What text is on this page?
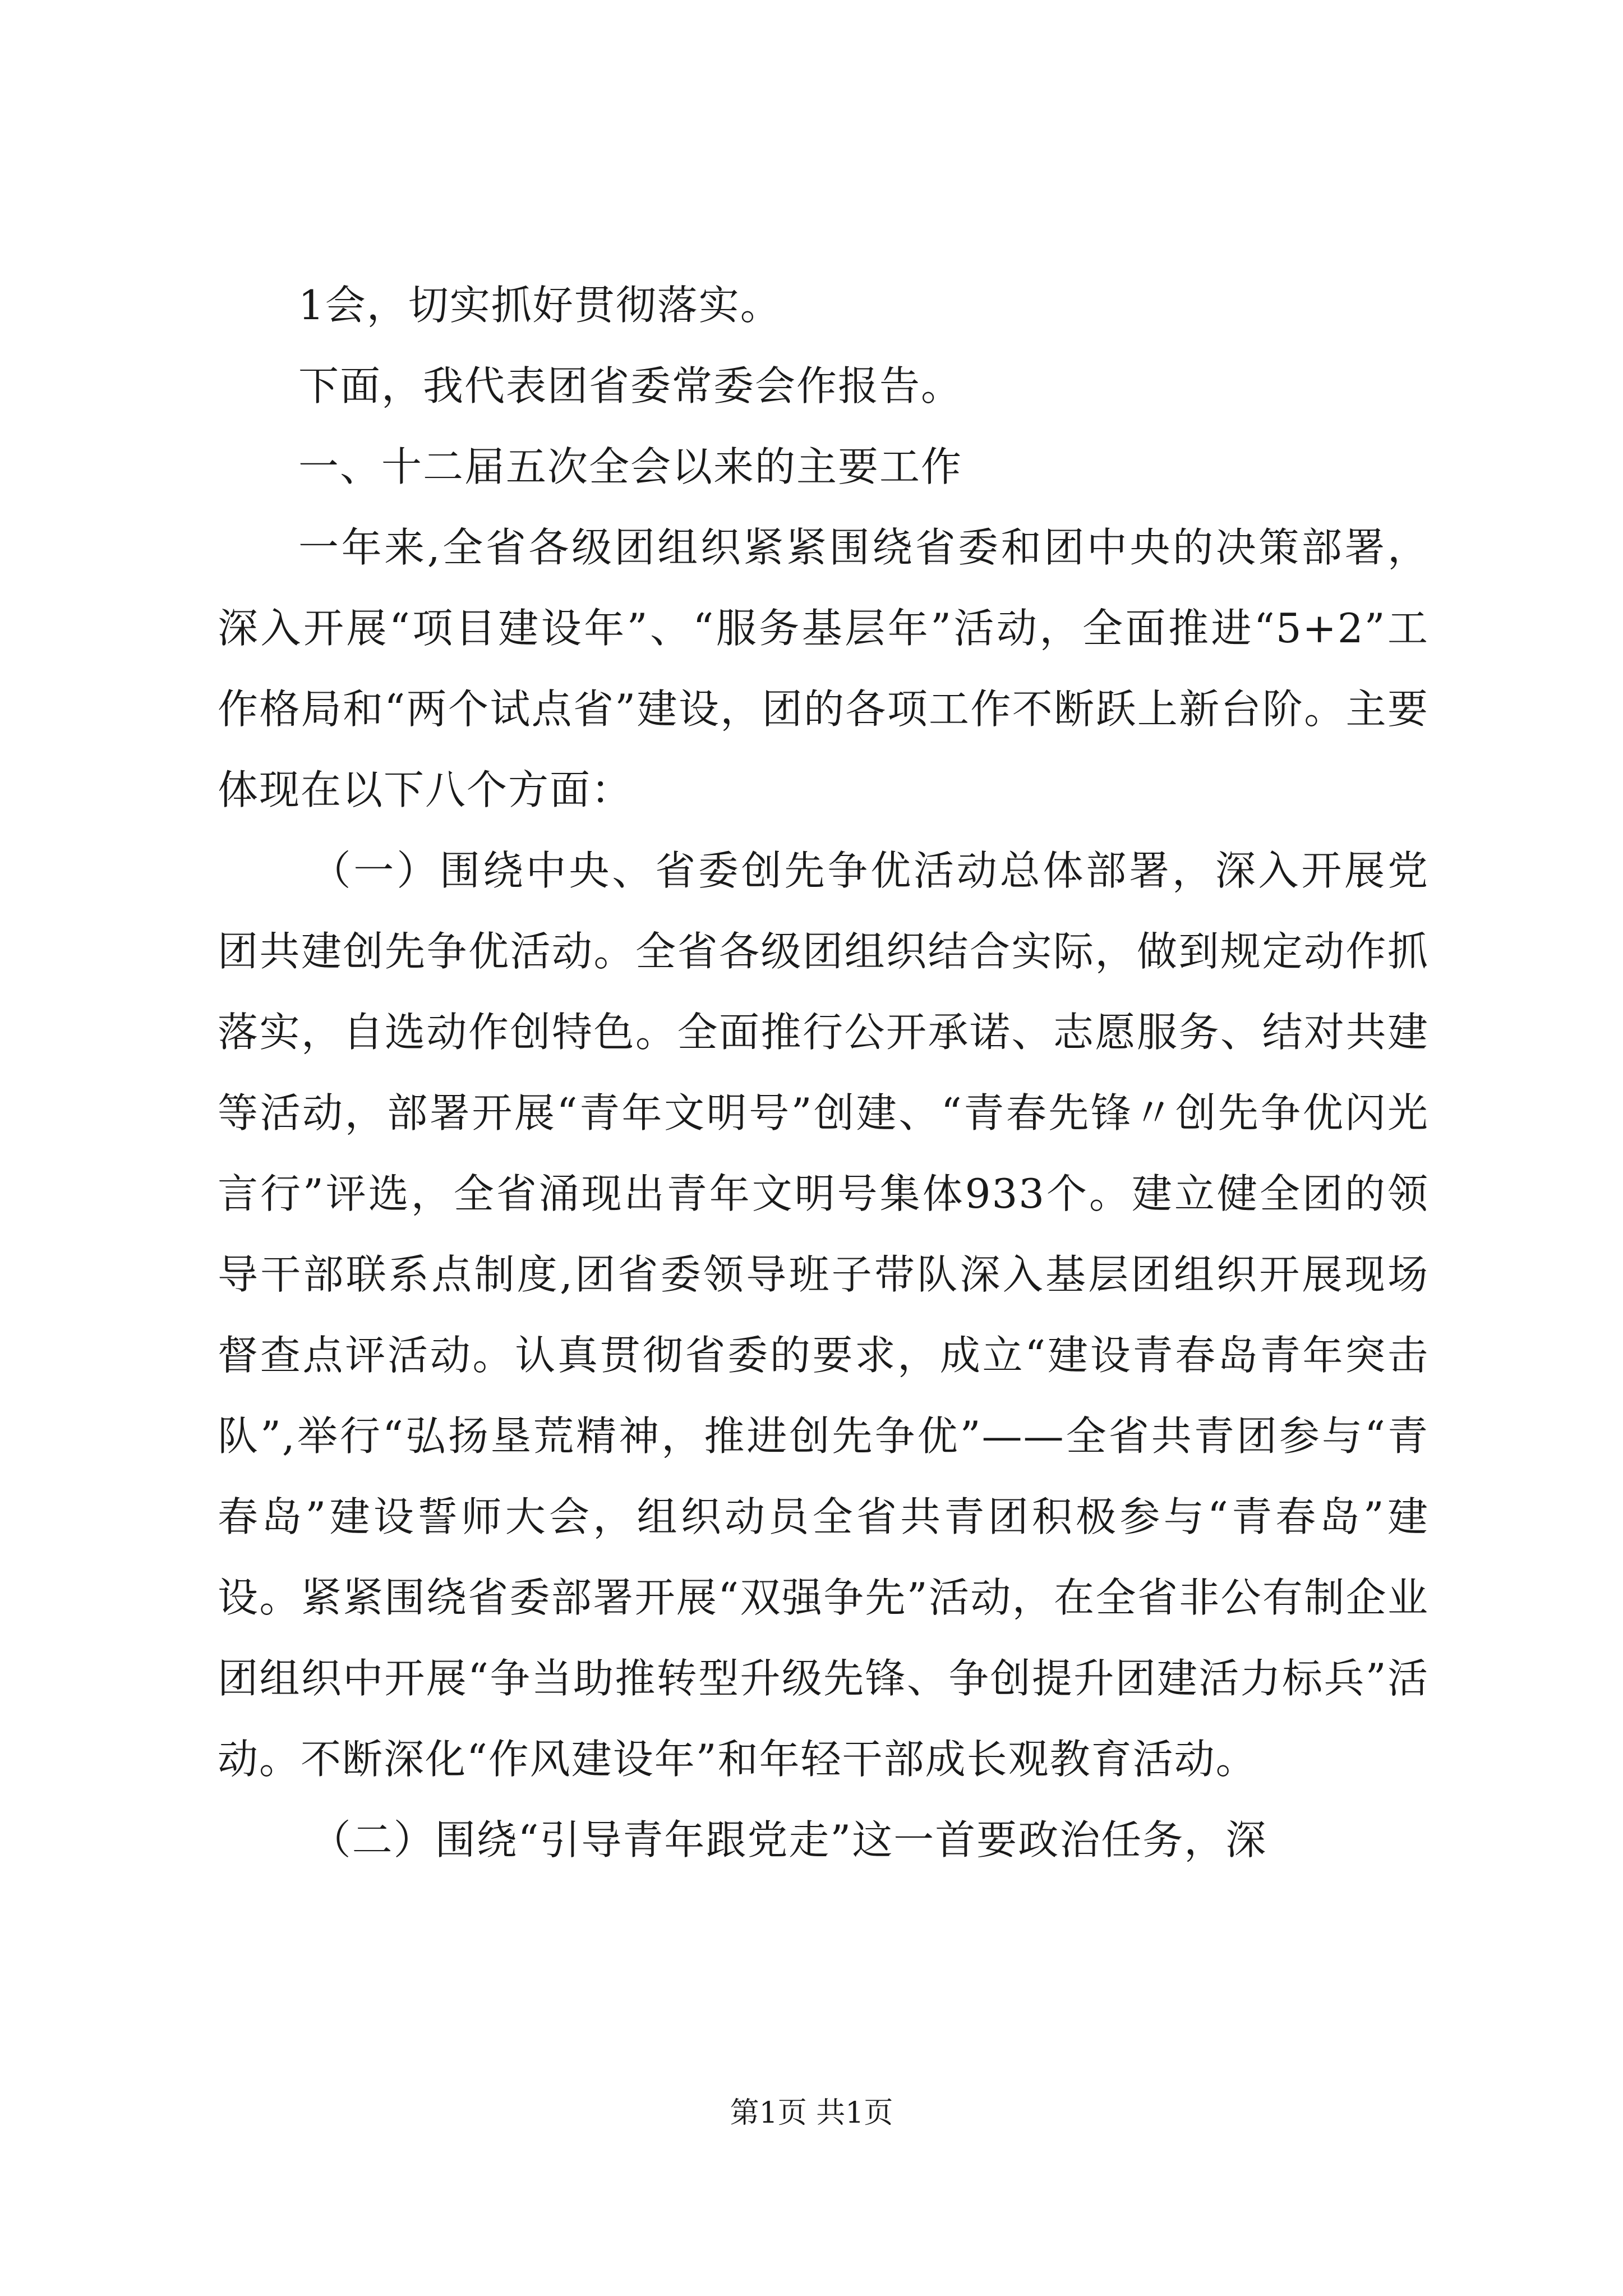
1会，切实抓好贯彻落实。

下面，我代表团省委常委会作报告。

一、十二届五次全会以来的主要工作

一年来,全省各级团组织紧紧围绕省委和团中央的决策部署，深入开展“项目建设年”、“服务基层年”活动，全面推进“5+2”工作格局和“两个试点省”建设，团的各项工作不断跃上新台阶。主要体现在以下八个方面：

（一）围绕中央、省委创先争优活动总体部署，深入开展党团共建创先争优活动。全省各级团组织结合实际，做到规定动作抓落实，自选动作创特色。全面推行公开承诺、志愿服务、结对共建等活动，部署开展“青年文明号”创建、“青春先锋〃创先争优闪光言行”评选，全省涌现出青年文明号集体933个。建立健全团的领导干部联系点制度,团省委领导班子带队深入基层团组织开展现场督查点评活动。认真贯彻省委的要求，成立“建设青春岛青年突击队”,举行“弘扬垦荒精神，推进创先争优”——全省共青团参与“青春岛”建设誓师大会，组织动员全省共青团积极参与“青春岛”建设。紧紧围绕省委部署开展“双强争先”活动，在全省非公有制企业团组织中开展“争当助推转型升级先锋、争创提升团建活力标兵”活动。不断深化“作风建设年”和年轻干部成长观教育活动。

（二）围绕“引导青年跟党走”这一首要政治任务，深

第1页 共1页
